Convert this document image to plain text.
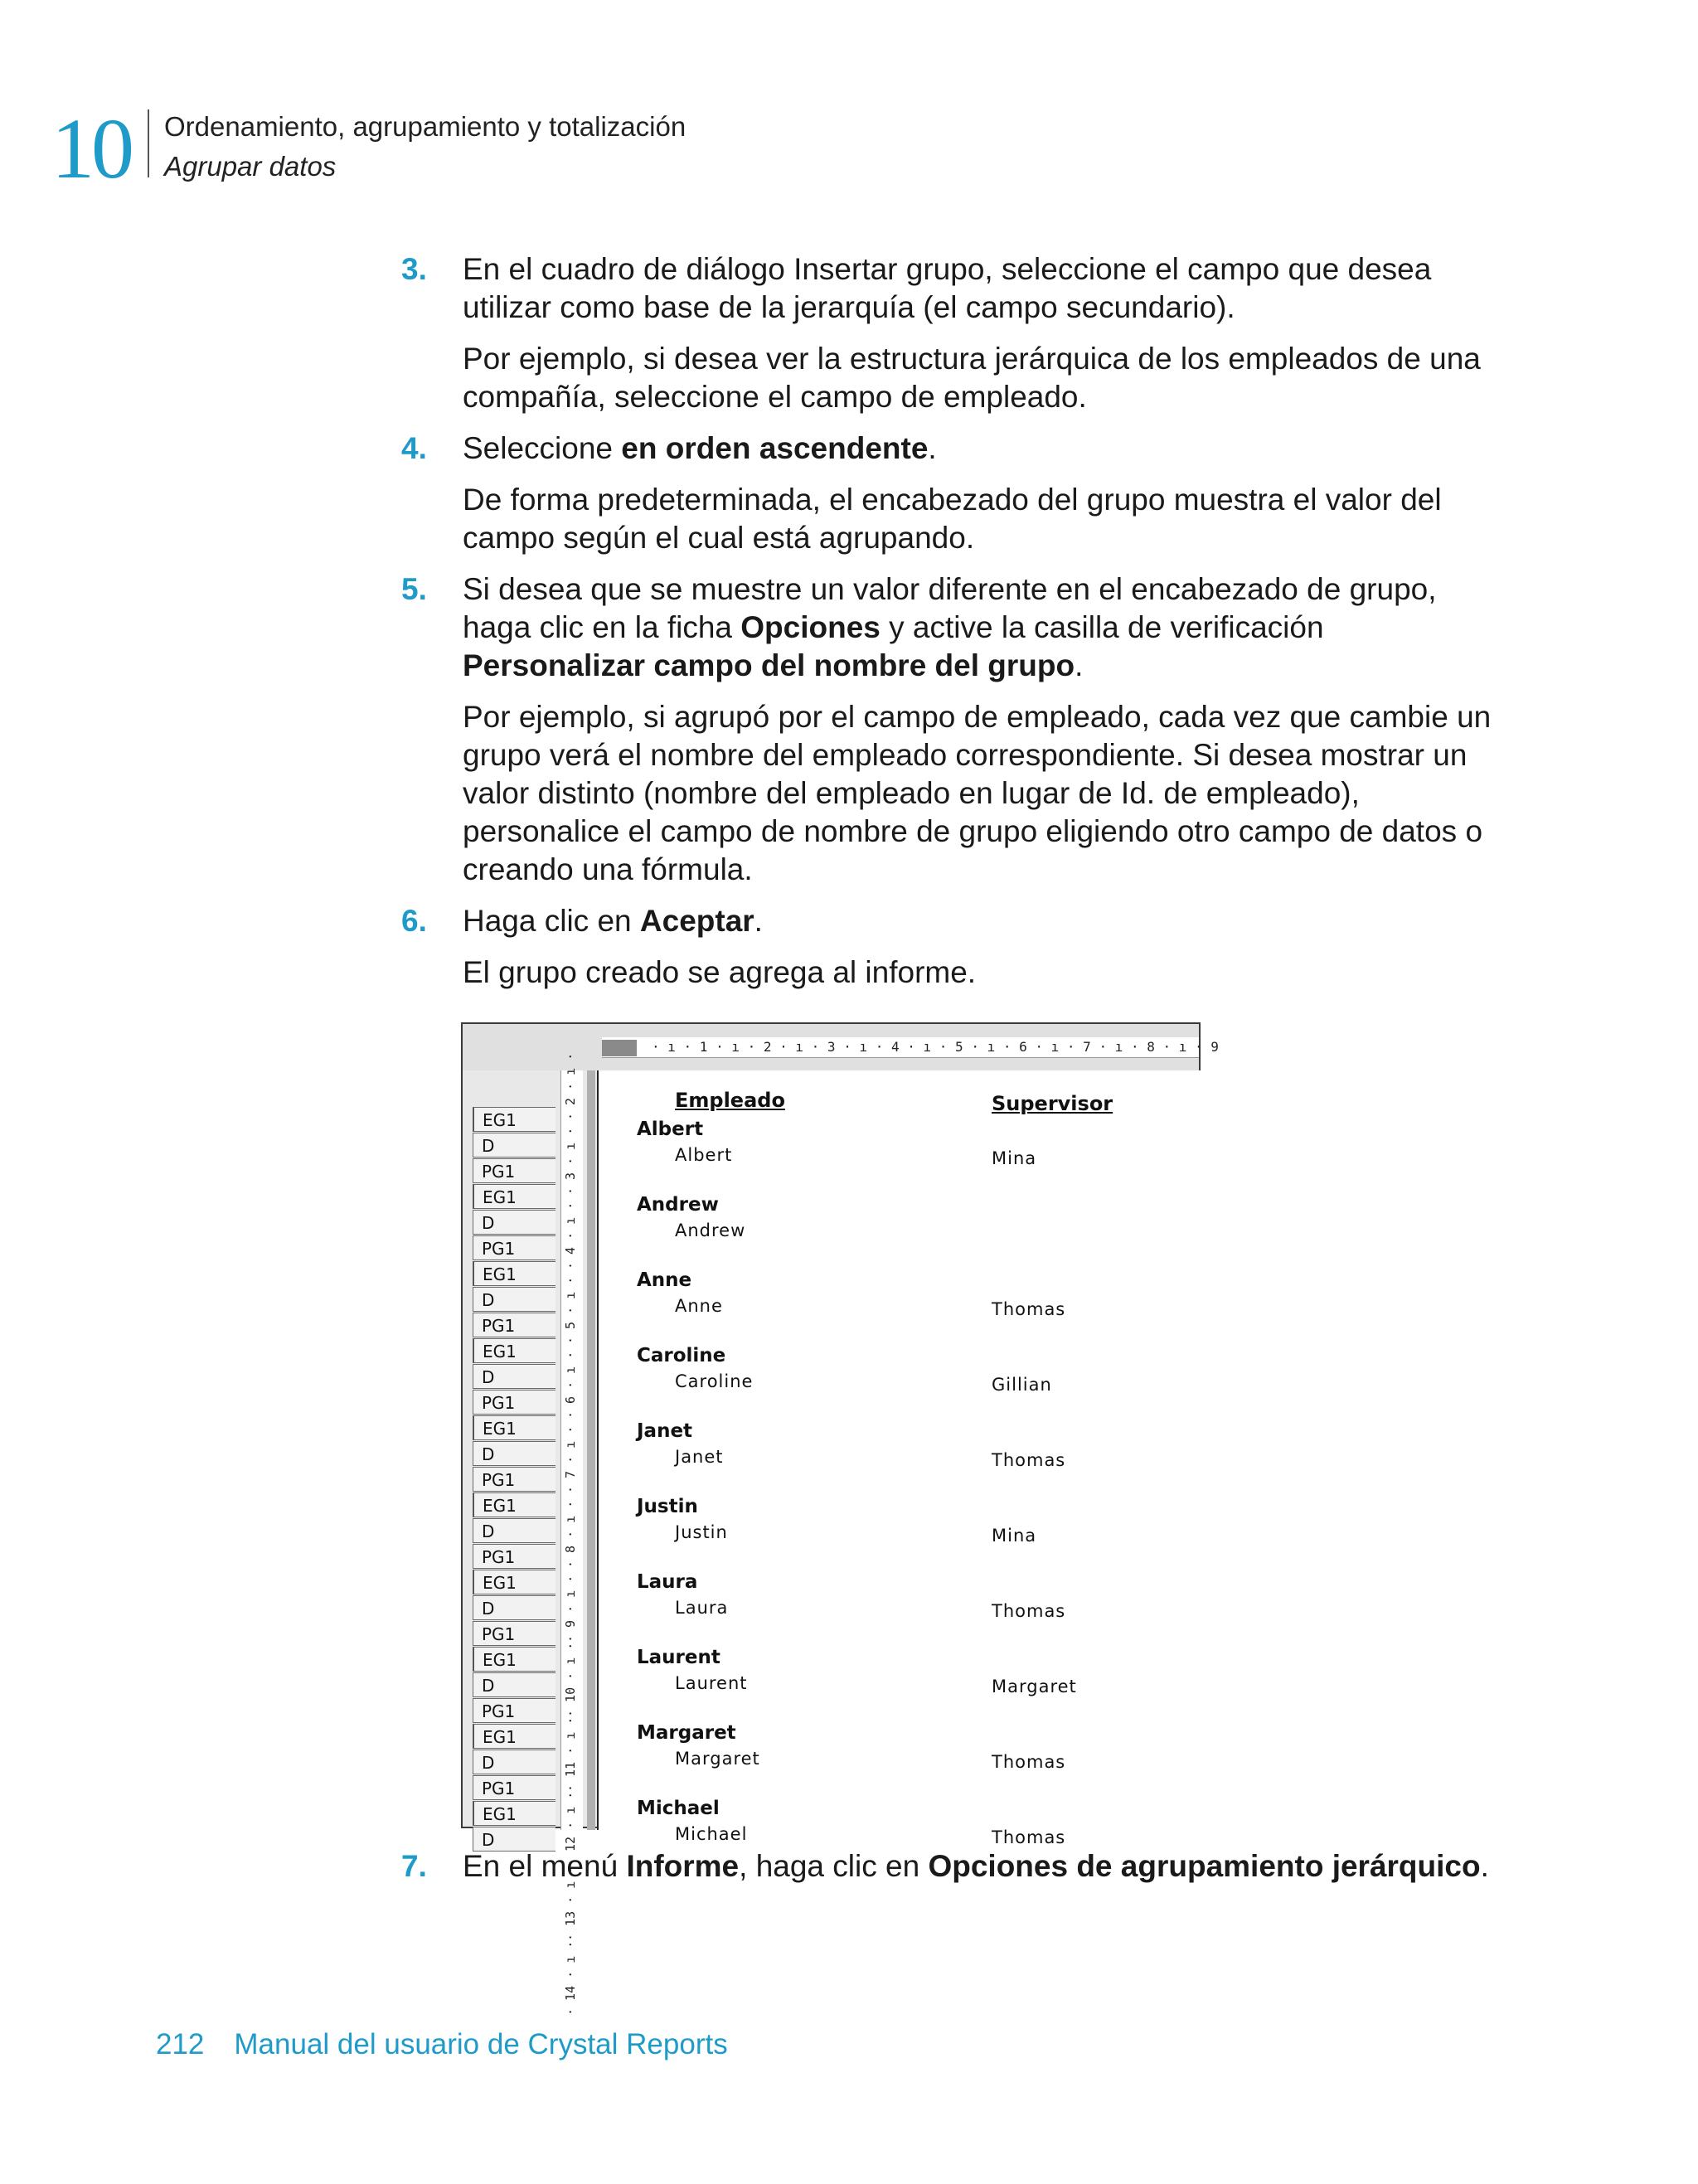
10 Ordenamiento, agrupamiento y totalización
Agrupar datos
3. En el cuadro de diálogo Insertar grupo, seleccione el campo que desea utilizar como base de la jerarquía (el campo secundario).

Por ejemplo, si desea ver la estructura jerárquica de los empleados de una compañía, seleccione el campo de empleado.

4. Seleccione en orden ascendente.

De forma predeterminada, el encabezado del grupo muestra el valor del campo según el cual está agrupando.

5. Si desea que se muestre un valor diferente en el encabezado de grupo, haga clic en la ficha Opciones y active la casilla de verificación Personalizar campo del nombre del grupo.

Por ejemplo, si agrupó por el campo de empleado, cada vez que cambie un grupo verá el nombre del empleado correspondiente. Si desea mostrar un valor distinto (nombre del empleado en lugar de Id. de empleado), personalice el campo de nombre de grupo eligiendo otro campo de datos o creando una fórmula.

6. Haga clic en Aceptar.

El grupo creado se agrega al informe.

· ı · 1 · ı · 2 · ı · 3 · ı · 4 · ı · 5 · ı · 6 · ı · 7 · ı · 8 · ı · 9
EG1
D
PG1
EG1
D
PG1
EG1
D
PG1
EG1
D
PG1
EG1
D
PG1
EG1
D
PG1
EG1
D
PG1
EG1
D
PG1
EG1
D
PG1
EG1
D
· 2 · ı ·
· 3 · ı ·
· 4 · ı ·
· 5 · ı ·
· 6 · ı ·
· 7 · ı ·
· 8 · ı ·
· 9 · ı ·
· 10 · ı ·
· 11 · ı ·
· 12 · ı ·
· 13 · ı ·
· 14 · ı ·
Empleado	Supervisor
Albert
Albert	Mina
Andrew
Andrew
Anne
Anne	Thomas
Caroline
Caroline	Gillian
Janet
Janet	Thomas
Justin
Justin	Mina
Laura
Laura	Thomas
Laurent
Laurent	Margaret
Margaret
Margaret	Thomas
Michael
Michael	Thomas
7. En el menú Informe, haga clic en Opciones de agrupamiento jerárquico.

212 Manual del usuario de Crystal Reports
